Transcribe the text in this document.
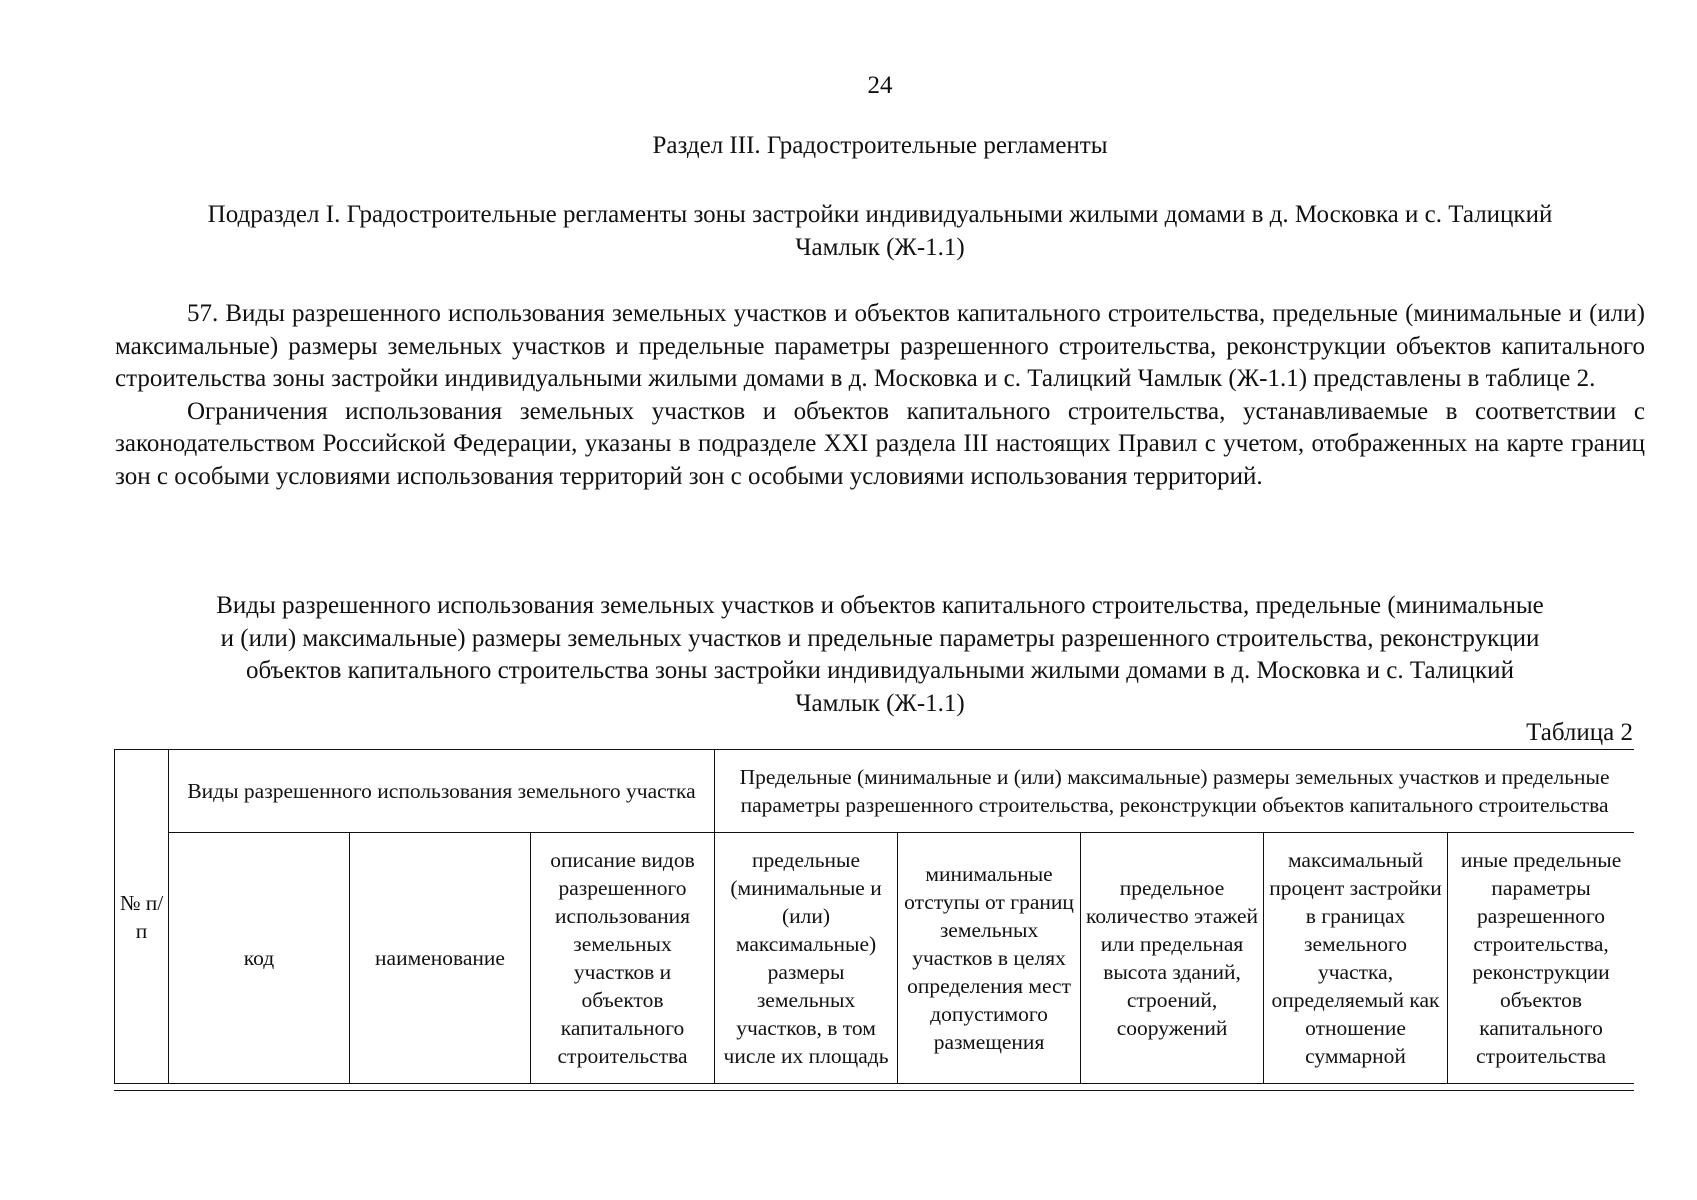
24
Раздел III. Градостроительные регламенты
Подраздел I. Градостроительные регламенты зоны застройки индивидуальными жилыми домами в д. Московка и с. Талицкий
Чамлык (Ж-1.1)

57. Виды разрешенного использования земельных участков и объектов капитального строительства, предельные (минимальные и (или) максимальные) размеры земельных участков и предельные параметры разрешенного строительства, реконструкции объектов капитального строительства зоны застройки индивидуальными жилыми домами в д. Московка и с. Талицкий Чамлык (Ж-1.1) представлены в таблице 2.

Ограничения использования земельных участков и объектов капитального строительства, устанавливаемые в соответствии с законодательством Российской Федерации, указаны в подразделе XXI раздела III настоящих Правил с учетом, отображенных на карте границ зон с особыми условиями использования территорий зон с особыми условиями использования территорий.

Виды разрешенного использования земельных участков и объектов капитального строительства, предельные (минимальные
и (или) максимальные) размеры земельных участков и предельные параметры разрешенного строительства, реконструкции
объектов капитального строительства зоны застройки индивидуальными жилыми домами в д. Московка и с. Талицкий
Чамлык (Ж-1.1)
Таблица 2
№ п/п	Виды разрешенного использования земельного участка			Предельные (минимальные и (или) максимальные) размеры земельных участков и предельные параметры разрешенного строительства, реконструкции объектов капитального строительства				
	код	наименование	описание видов разрешенного использования земельных участков и объектов капитального строительства	предельные (минимальные и (или) максимальные) размеры земельных участков, в том числе их площадь	минимальные отступы от границ земельных участков в целях определения мест допустимого размещения	предельное количество этажей или предельная высота зданий, строений, сооружений	максимальный процент застройки в границах земельного участка, определяемый как отношение суммарной	иные предельные параметры разрешенного строительства, реконструкции объектов капитального строительства
